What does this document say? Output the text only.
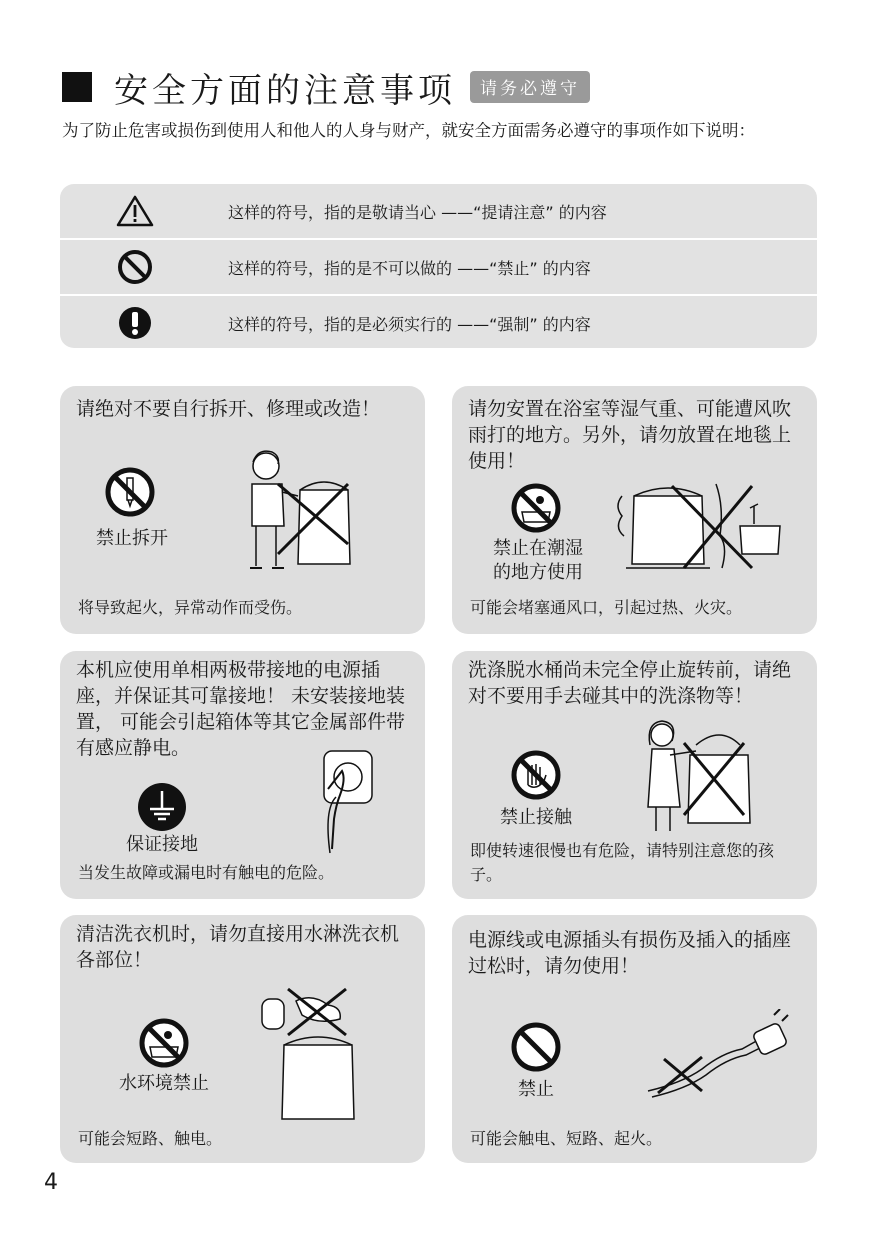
安全方面的注意事项	请务必遵守
为了防止危害或损伤到使用人和他人的人身与财产，就安全方面需务必遵守的事项作如下说明：
这样的符号，指的是敬请当心 ——“提请注意” 的内容
这样的符号，指的是不可以做的 ——“禁止” 的内容
这样的符号，指的是必须实行的 ——“强制” 的内容
请绝对不要自行拆开、修理或改造！
禁止拆开
将导致起火，异常动作而受伤。
请勿安置在浴室等湿气重、可能遭风吹雨打的地方。另外，请勿放置在地毯上使用！
禁止在潮湿
的地方使用
可能会堵塞通风口，引起过热、火灾。
本机应使用单相两极带接地的电源插座，并保证其可靠接地！ 未安装接地装置， 可能会引起箱体等其它金属部件带有感应静电。
保证接地
当发生故障或漏电时有触电的危险。
洗涤脱水桶尚未完全停止旋转前，请绝对不要用手去碰其中的洗涤物等！
禁止接触
即使转速很慢也有危险，请特别注意您的孩子。
清洁洗衣机时，请勿直接用水淋洗衣机各部位！
水环境禁止
可能会短路、触电。
电源线或电源插头有损伤及插入的插座过松时，请勿使用！
禁止
可能会触电、短路、起火。
4
